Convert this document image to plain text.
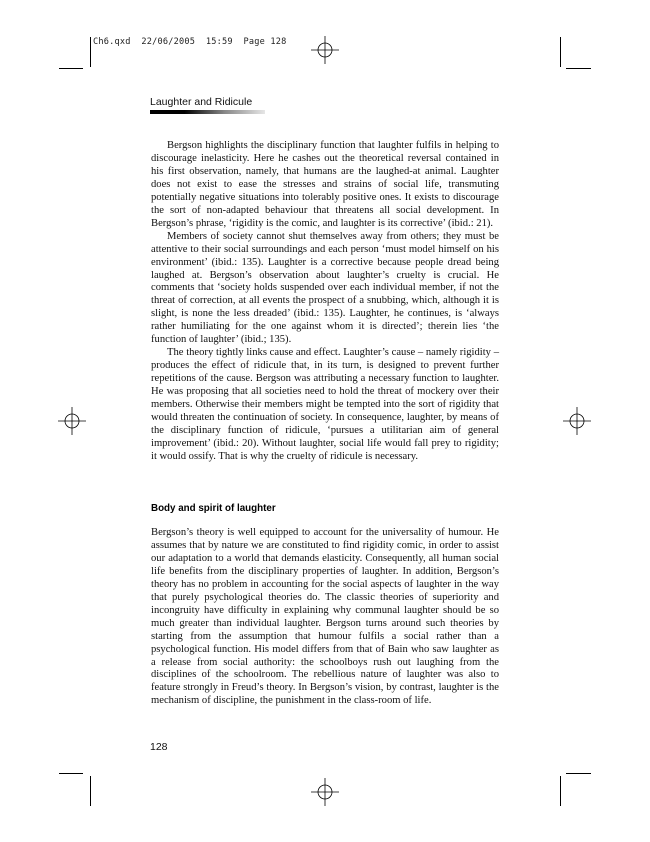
Ch6.qxd  22/06/2005  15:59  Page 128
Laughter and Ridicule

Bergson highlights the disciplinary function that laughter fulfils in helping to discourage inelasticity. Here he cashes out the theoretical reversal contained in his first observation, namely, that humans are the laughed-at animal. Laughter does not exist to ease the stresses and strains of social life, transmuting potentially negative situations into tolerably positive ones. It exists to discourage the sort of non-adapted behaviour that threatens all social development. In Bergson’s phrase, ‘rigidity is the comic, and laughter is its corrective’ (ibid.: 21).

Members of society cannot shut themselves away from others; they must be attentive to their social surroundings and each person ‘must model himself on his environment’ (ibid.: 135). Laughter is a corrective because people dread being laughed at. Bergson’s observation about laughter’s cruelty is crucial. He comments that ‘society holds suspended over each individual member, if not the threat of correction, at all events the prospect of a snubbing, which, although it is slight, is none the less dreaded’ (ibid.: 135). Laughter, he continues, is ‘always rather humiliating for the one against whom it is directed’; therein lies ‘the function of laughter’ (ibid.; 135).

The theory tightly links cause and effect. Laughter’s cause – namely rigidity – produces the effect of ridicule that, in its turn, is designed to prevent further repetitions of the cause. Bergson was attributing a necessary function to laughter. He was proposing that all societies need to hold the threat of mockery over their members. Otherwise their members might be tempted into the sort of rigidity that would threaten the continuation of society. In consequence, laughter, by means of the disciplinary function of ridicule, ‘pursues a utilitarian aim of general improvement’ (ibid.: 20). Without laughter, social life would fall prey to rigidity; it would ossify. That is why the cruelty of ridicule is necessary.

Body and spirit of laughter

Bergson’s theory is well equipped to account for the universality of humour. He assumes that by nature we are constituted to find rigidity comic, in order to assist our adaptation to a world that demands elasticity. Consequently, all human social life benefits from the disciplinary properties of laughter. In addition, Bergson’s theory has no problem in accounting for the social aspects of laughter in the way that purely psychological theories do. The classic theories of superiority and incongruity have difficulty in explaining why communal laughter should be so much greater than individual laughter. Bergson turns around such theories by starting from the assumption that humour fulfils a social rather than a psychological function. His model differs from that of Bain who saw laughter as a release from social authority: the schoolboys rush out laughing from the disciplines of the schoolroom. The rebellious nature of laughter was also to feature strongly in Freud’s theory. In Bergson’s vision, by contrast, laughter is the mechanism of discipline, the punishment in the class-room of life.

128
